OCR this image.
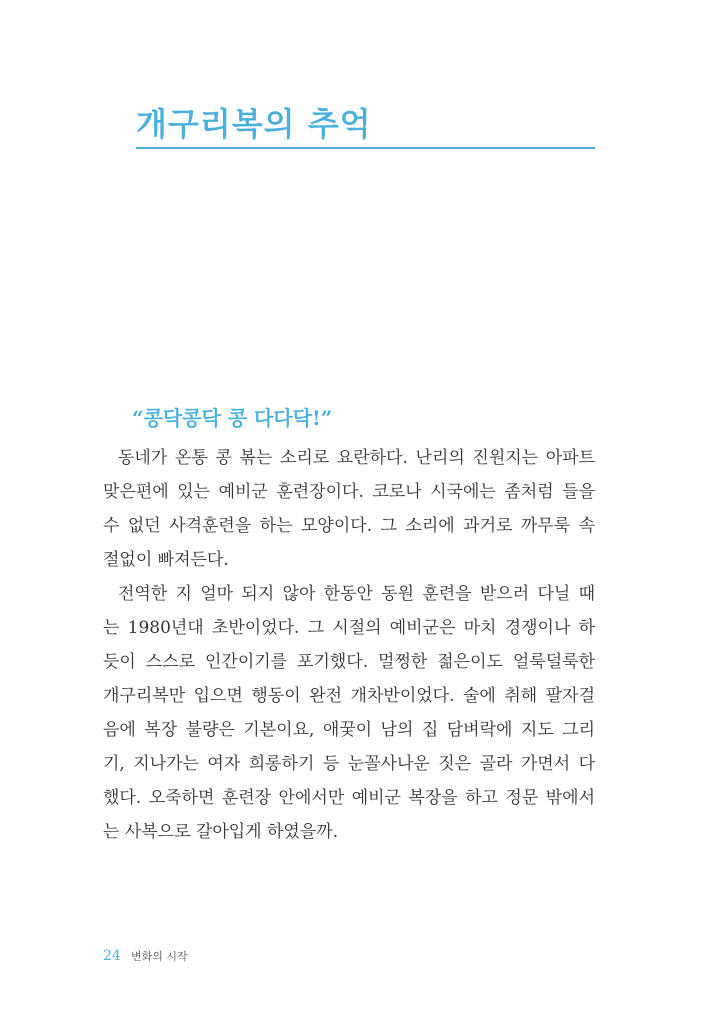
개구리복의 추억
“콩닥콩닥 콩 다다닥!”
동네가 온통 콩 볶는 소리로 요란하다. 난리의 진원지는 아파트
맞은편에 있는 예비군 훈련장이다. 코로나 시국에는 좀처럼 들을
수 없던 사격훈련을 하는 모양이다. 그 소리에 과거로 까무룩 속
절없이 빠져든다.
전역한 지 얼마 되지 않아 한동안 동원 훈련을 받으러 다닐 때
는 1980년대 초반이었다. 그 시절의 예비군은 마치 경쟁이나 하
듯이 스스로 인간이기를 포기했다. 멀쩡한 젊은이도 얼룩덜룩한
개구리복만 입으면 행동이 완전 개차반이었다. 술에 취해 팔자걸
음에 복장 불량은 기본이요, 애꿎이 남의 집 담벼락에 지도 그리
기, 지나가는 여자 희롱하기 등 눈꼴사나운 짓은 골라 가면서 다
했다. 오죽하면 훈련장 안에서만 예비군 복장을 하고 정문 밖에서
는 사복으로 갈아입게 하였을까.
24 변화의 시작
